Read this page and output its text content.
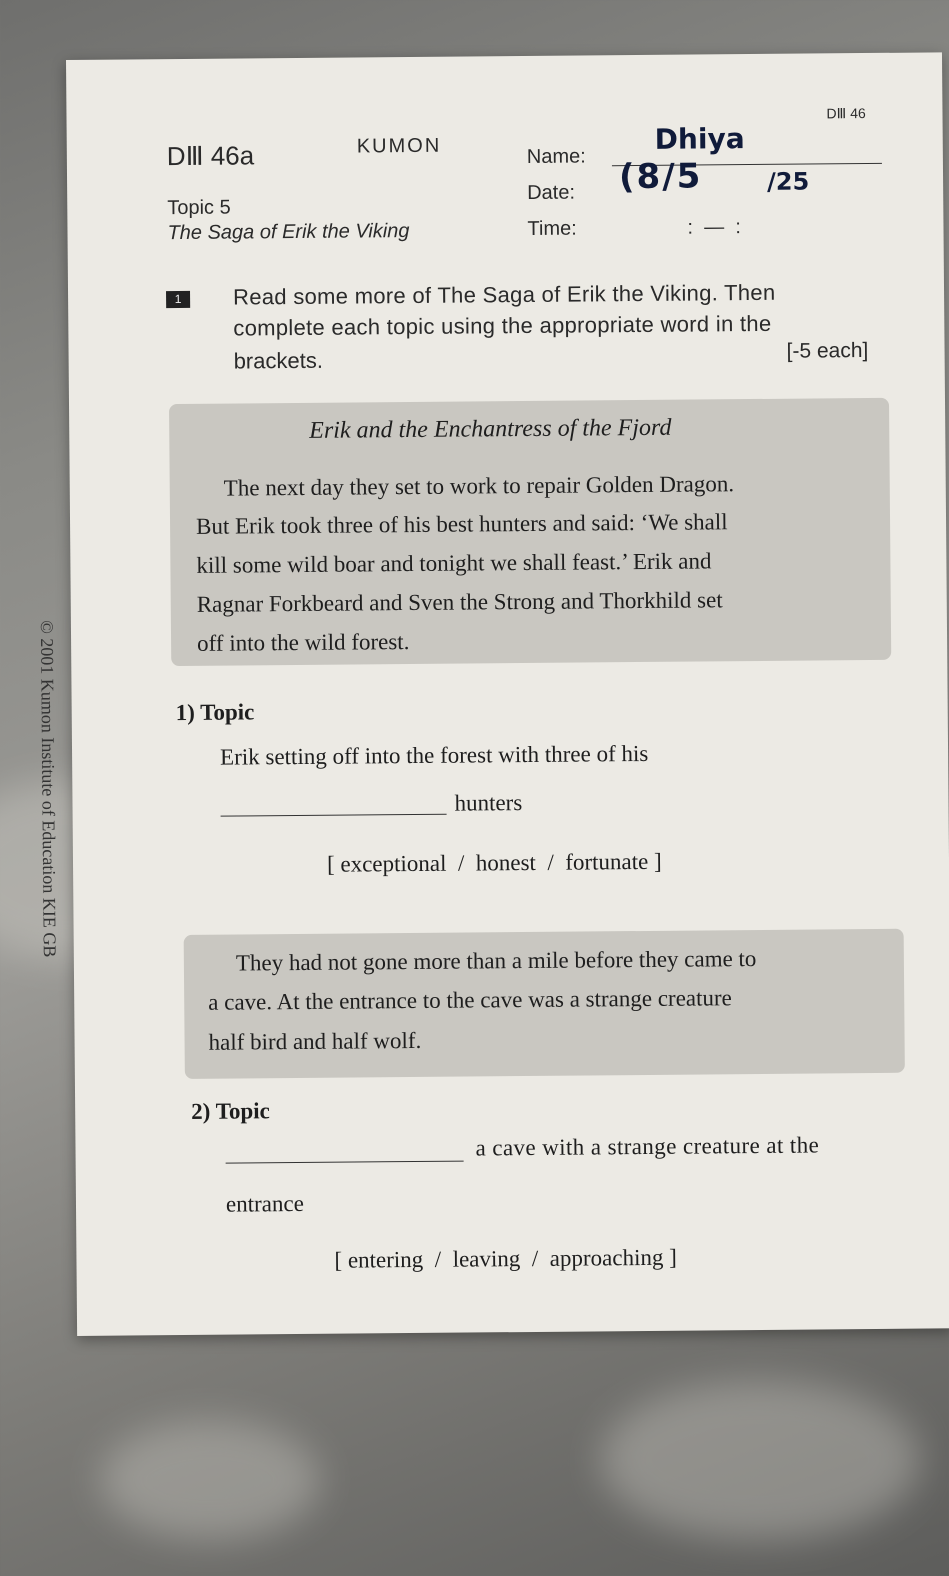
DⅢ 46
DⅢ 46a	KUMON	Name:
Dhiya
Date: (8/5	/25
Topic 5
The Saga of Erik the Viking	Time:	:  —  :
1	Read some more of The Saga of Erik the Viking. Then
complete each topic using the appropriate word in the
brackets.	[-5 each]
© 2001 Kumon Institute of Education KIE GB
Erik and the Enchantress of the Fjord
The next day they set to work to repair Golden Dragon.
But Erik took three of his best hunters and said: ‘We shall
kill some wild boar and tonight we shall feast.’ Erik and
Ragnar Forkbeard and Sven the Strong and Thorkhild set
off into the wild forest.
1) Topic
Erik setting off into the forest with three of his
hunters
[ exceptional  /  honest  /  fortunate ]
They had not gone more than a mile before they came to
a cave. At the entrance to the cave was a strange creature
half bird and half wolf.
2) Topic
a cave with a strange creature at the
entrance
[ entering  /  leaving  /  approaching ]
